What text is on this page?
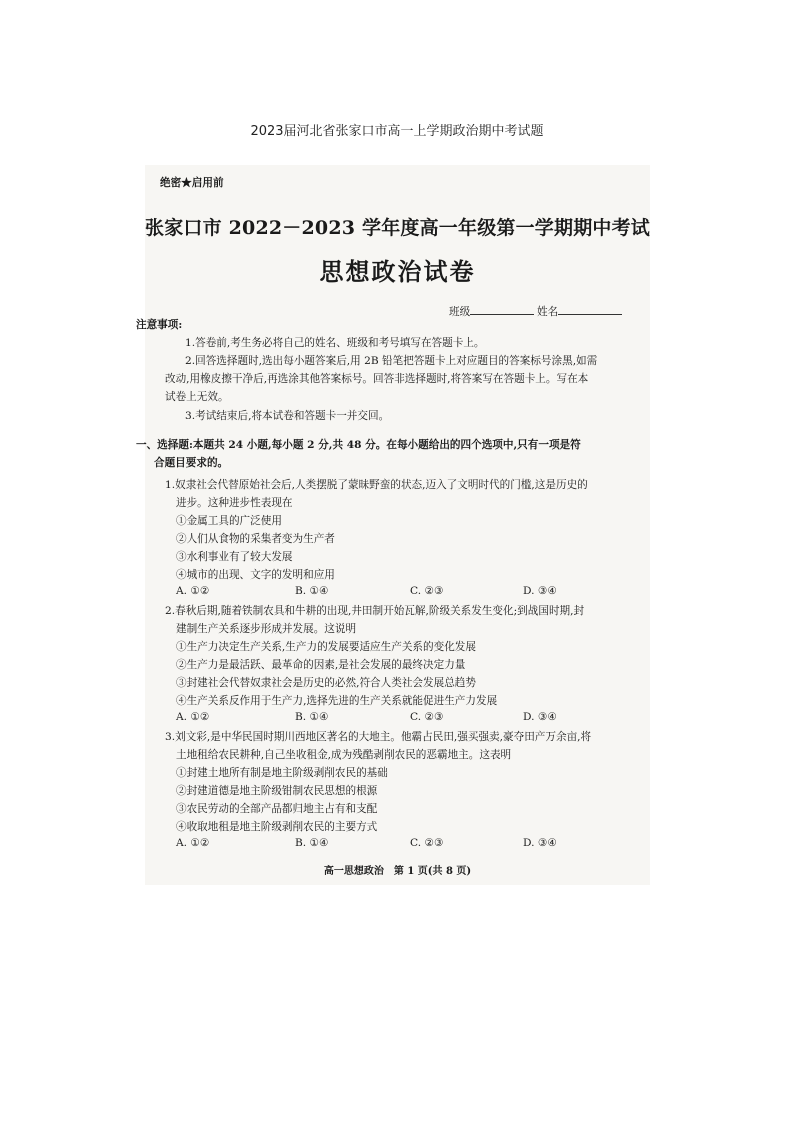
2023届河北省张家口市高一上学期政治期中考试题
绝密★启用前
张家口市 2022－2023 学年度高一年级第一学期期中考试
思想政治试卷
班级	姓名
注意事项:
1.答卷前,考生务必将自己的姓名、班级和考号填写在答题卡上。
2.回答选择题时,选出每小题答案后,用 2B 铅笔把答题卡上对应题目的答案标号涂黑,如需
改动,用橡皮擦干净后,再选涂其他答案标号。回答非选择题时,将答案写在答题卡上。写在本
试卷上无效。
3.考试结束后,将本试卷和答题卡一并交回。
一、选择题:本题共 24 小题,每小题 2 分,共 48 分。在每小题给出的四个选项中,只有一项是符
合题目要求的。
1.奴隶社会代替原始社会后,人类摆脱了蒙昧野蛮的状态,迈入了文明时代的门槛,这是历史的
进步。这种进步性表现在
①金属工具的广泛使用
②人们从食物的采集者变为生产者
③水利事业有了较大发展
④城市的出现、文字的发明和应用
A. ①②	B. ①④	C. ②③	D. ③④
2.春秋后期,随着铁制农具和牛耕的出现,井田制开始瓦解,阶级关系发生变化;到战国时期,封
建制生产关系逐步形成并发展。这说明
①生产力决定生产关系,生产力的发展要适应生产关系的变化发展
②生产力是最活跃、最革命的因素,是社会发展的最终决定力量
③封建社会代替奴隶社会是历史的必然,符合人类社会发展总趋势
④生产关系反作用于生产力,选择先进的生产关系就能促进生产力发展
A. ①②	B. ①④	C. ②③	D. ③④
3.刘文彩,是中华民国时期川西地区著名的大地主。他霸占民田,强买强卖,豪夺田产万余亩,将
土地租给农民耕种,自己坐收租金,成为残酷剥削农民的恶霸地主。这表明
①封建土地所有制是地主阶级剥削农民的基础
②封建道德是地主阶级钳制农民思想的根源
③农民劳动的全部产品都归地主占有和支配
④收取地租是地主阶级剥削农民的主要方式
A. ①②	B. ①④	C. ②③	D. ③④
高一思想政治　第 1 页(共 8 页)
